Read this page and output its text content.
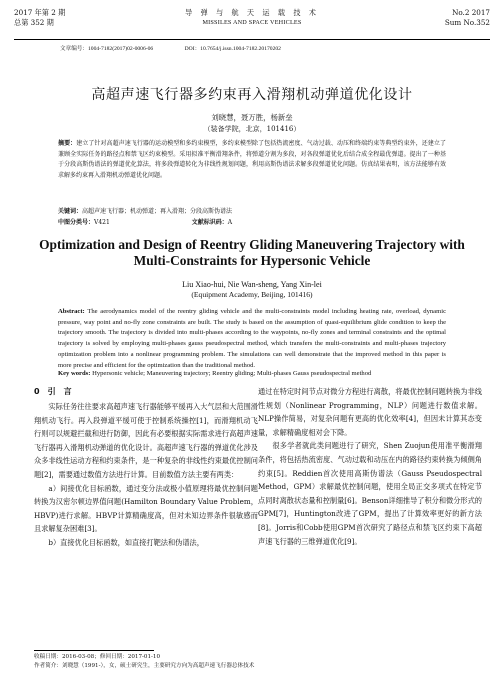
2017 年第 2 期
总第 352 期
导 弹 与 航 天 运 载 技 术
MISSILES AND SPACE VEHICLES
No.2 2017
Sum No.352
文章编号：1004-7182(2017)02-0006-06	DOI：10.7654/j.issn.1004-7182.20170202
高超声速飞行器多约束再入滑翔机动弹道优化设计
刘晓慧，聂万胜，杨新垒
（装备学院，北京，101416）
摘要：建立了针对高超声速飞行器的运动模型和多约束模型，多约束模型除了包括热流密度、气动过载、动压和终端约束等典型约束外，还建立了兼顾全实际任务的路径点和禁飞区约束模型。采用拟准平衡滑翔条件，将弹道分割为多段，对各段弹道优化后结合成全程最优弹道。提出了一种基于分段高斯伪谱法的弹道优化算法，将多段弹道转化为非线性规划问题，利用高斯伪谱法求解多段弹道优化问题。仿真结果表明，该方法能够有效求解多约束再入滑翔机动弹道优化问题。
关键词：高超声速飞行器；机动弹道；再入滑翔；分段高斯伪谱法
中图分类号：V421	文献标识码：A
Optimization and Design of Reentry Gliding Maneuvering Trajectory with
Multi-Constraints for Hypersonic Vehicle
Liu Xiao-hui, Nie Wan-sheng, Yang Xin-lei
(Equipment Academy, Beijing, 101416)
Abstract: The aerodynamics model of the reentry gliding vehicle and the multi-constraints model including heating rate, overload, dynamic pressure, way point and no-fly zone constraints are built. The study is based on the assumption of quasi-equilibrium glide condition to keep the trajectory smooth. The trajectory is divided into multi-phases according to the waypoints, no-fly zones and terminal constraints and the optimal trajectory is solved by employing multi-phases gauss pseudospectral method, which transfers the multi-constraints and multi-phases trajectory optimization problem into a nonlinear programming problem. The simulations can well demonstrate that the improved method in this paper is more precise and efficient for the optimization than the traditional method.
Key words: Hypersonic vehicle; Maneuvering trajectory; Reentry gliding; Multi-phases Gauss pseudospectral method
0　引　言
实际任务往往要求高超声速飞行器能够平缓再入大气层和大范围滑翔机动飞行。再入段弹道平缓可使于控制系统操控[1]，而滑翔机动飞行则可以规避拦截和进行防御，因此有必要根据实际需求进行高超声速飞行器再入滑翔机动弹道的优化设计。高超声速飞行器的弹道优化涉及众多非线性运动方程和约束条件，是一种复杂的非线性约束最优控制问题[2]，需要通过数值方法进行计算。目前数值方法主要有两类：
a）间接优化目标函数，通过变分法或极小值原理将最优控制问题转换为汉密尔顿边界值问题(Hamilton Boundary Value Problem，HBVP)进行求解。HBVP计算精确度高，但对未知边界条件很敏感而且求解复杂困难[3]。
b）直接优化目标函数，如直接打靶法和伪谱法，
通过在特定时间节点对微分方程进行离散，将最优控制问题转换为非线性规划（Nonlinear Programming，NLP）问题进行数值求解。NLP操作简易，对复杂问题有更高的优化效率[4]，但因未计算其态变量，求解精确度相对会下降。
很多学者就此类问题进行了研究，Shen Zuojun使用准平衡滑翔条件，将包括热流密度、气动过载和动压在内的路径约束转换为倾侧角约束[5]。Reddien首次使用高斯伪谱法（Gauss Pseudospectral Method，GPM）求解最优控制问题，使用全局正交多项式在特定节点同时离散状态量和控制量[6]。Benson详细推导了积分和微分形式的GPM[7]，Huntington改进了GPM，提出了计算效率更好的新方法[8]。Jorris和Cobb使用GPM首次研究了路径点和禁飞区约束下高超声速飞行器的三维弹道优化[9]。
收稿日期：2016-03-08；修回日期：2017-01-10
作者简介：刘晓慧（1991-），女，硕士研究生，主要研究方向为高超声速飞行器总体技术
